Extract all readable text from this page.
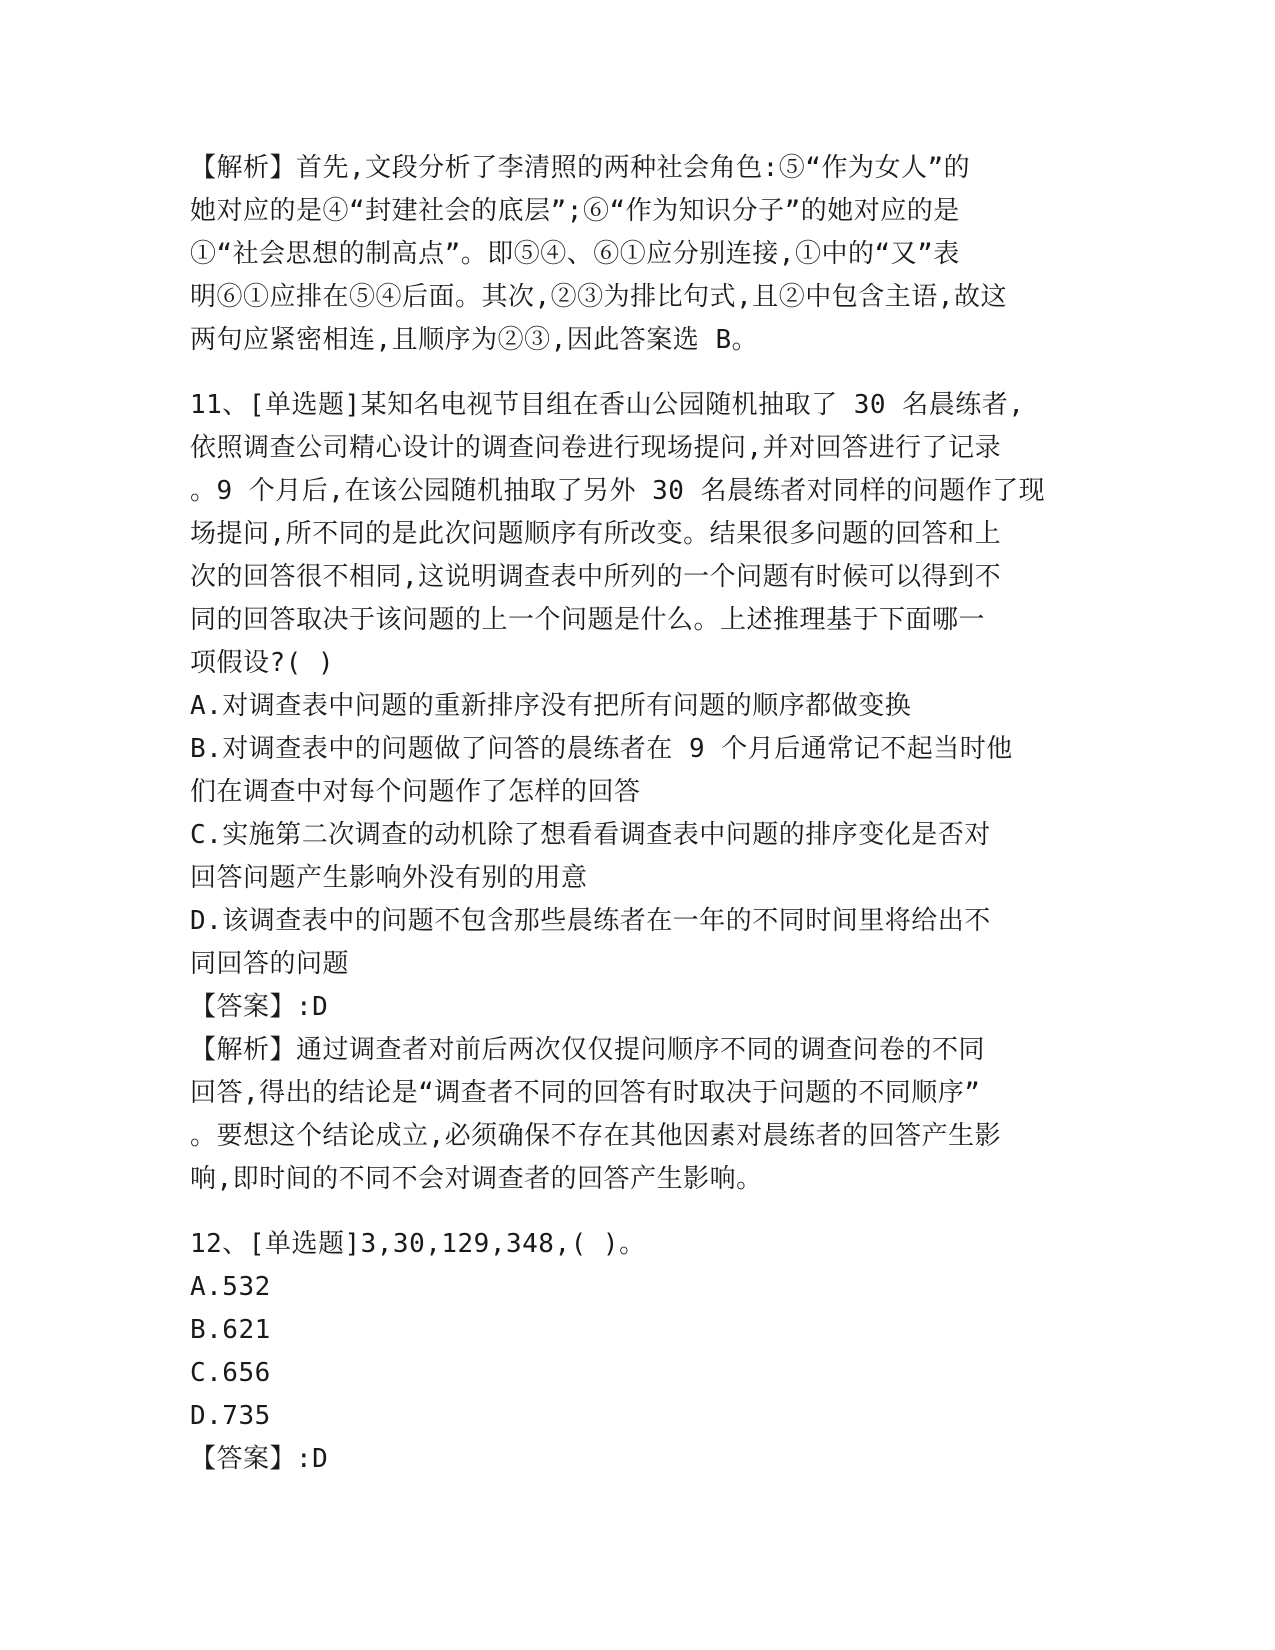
【解析】首先,文段分析了李清照的两种社会角色:⑤“作为女人”的
她对应的是④“封建社会的底层”;⑥“作为知识分子”的她对应的是
①“社会思想的制高点”。即⑤④、⑥①应分别连接,①中的“又”表
明⑥①应排在⑤④后面。其次,②③为排比句式,且②中包含主语,故这
两句应紧密相连,且顺序为②③,因此答案选 B。
11、[单选题]某知名电视节目组在香山公园随机抽取了 30 名晨练者,
依照调查公司精心设计的调查问卷进行现场提问,并对回答进行了记录
。9 个月后,在该公园随机抽取了另外 30 名晨练者对同样的问题作了现
场提问,所不同的是此次问题顺序有所改变。结果很多问题的回答和上
次的回答很不相同,这说明调查表中所列的一个问题有时候可以得到不
同的回答取决于该问题的上一个问题是什么。上述推理基于下面哪一
项假设?( )
A.对调查表中问题的重新排序没有把所有问题的顺序都做变换
B.对调查表中的问题做了问答的晨练者在 9 个月后通常记不起当时他
们在调查中对每个问题作了怎样的回答
C.实施第二次调查的动机除了想看看调查表中问题的排序变化是否对
回答问题产生影响外没有别的用意
D.该调查表中的问题不包含那些晨练者在一年的不同时间里将给出不
同回答的问题
【答案】:D
【解析】通过调查者对前后两次仅仅提问顺序不同的调查问卷的不同
回答,得出的结论是“调查者不同的回答有时取决于问题的不同顺序”
。要想这个结论成立,必须确保不存在其他因素对晨练者的回答产生影
响,即时间的不同不会对调查者的回答产生影响。
12、[单选题]3,30,129,348,( )。
A.532
B.621
C.656
D.735
【答案】:D
